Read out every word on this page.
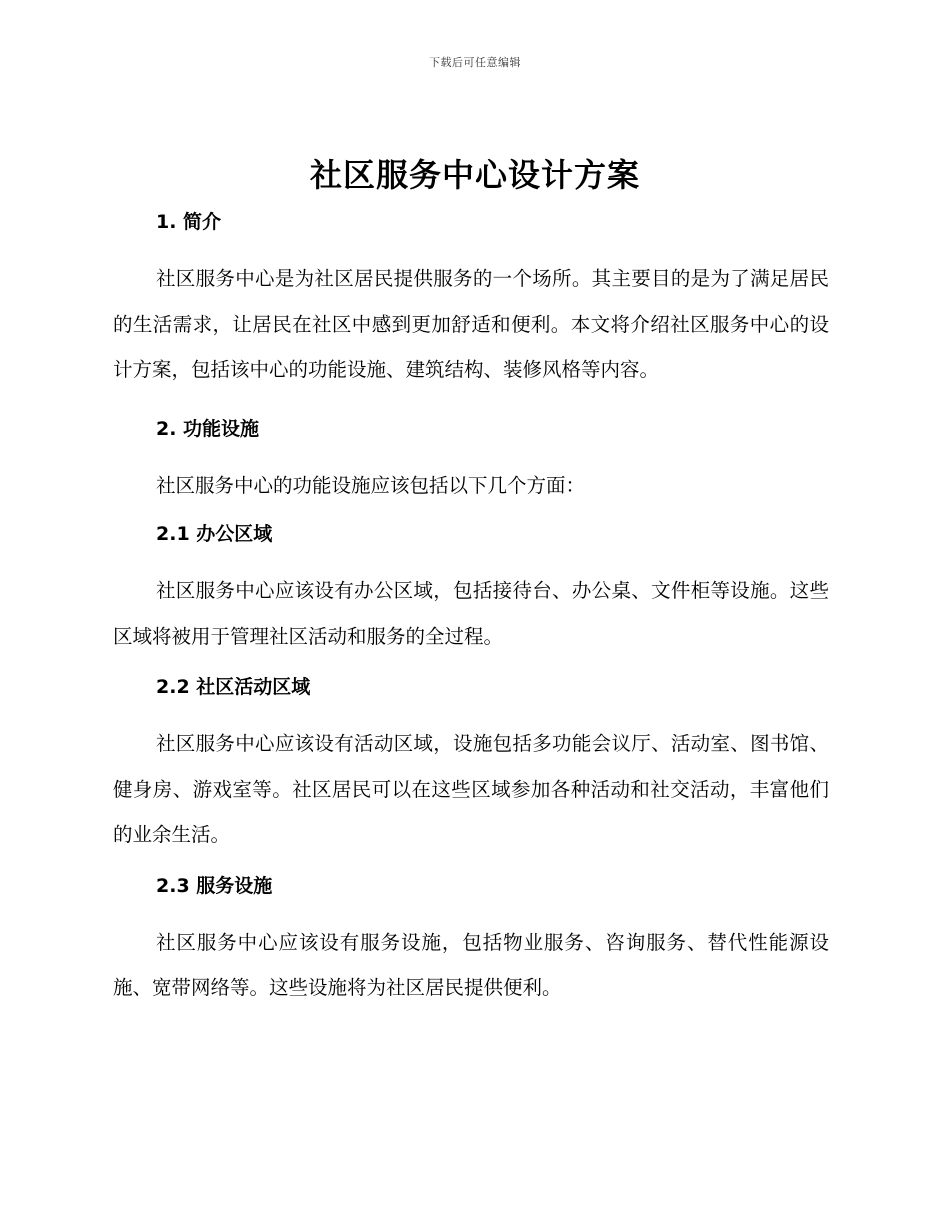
下载后可任意编辑
社区服务中心设计方案
1. 简介

社区服务中心是为社区居民提供服务的一个场所。其主要目的是为了满足居民的生活需求，让居民在社区中感到更加舒适和便利。本文将介绍社区服务中心的设计方案，包括该中心的功能设施、建筑结构、装修风格等内容。

2. 功能设施

社区服务中心的功能设施应该包括以下几个方面：

2.1 办公区域

社区服务中心应该设有办公区域，包括接待台、办公桌、文件柜等设施。这些区域将被用于管理社区活动和服务的全过程。

2.2 社区活动区域

社区服务中心应该设有活动区域，设施包括多功能会议厅、活动室、图书馆、健身房、游戏室等。社区居民可以在这些区域参加各种活动和社交活动，丰富他们的业余生活。

2.3 服务设施

社区服务中心应该设有服务设施，包括物业服务、咨询服务、替代性能源设施、宽带网络等。这些设施将为社区居民提供便利。
